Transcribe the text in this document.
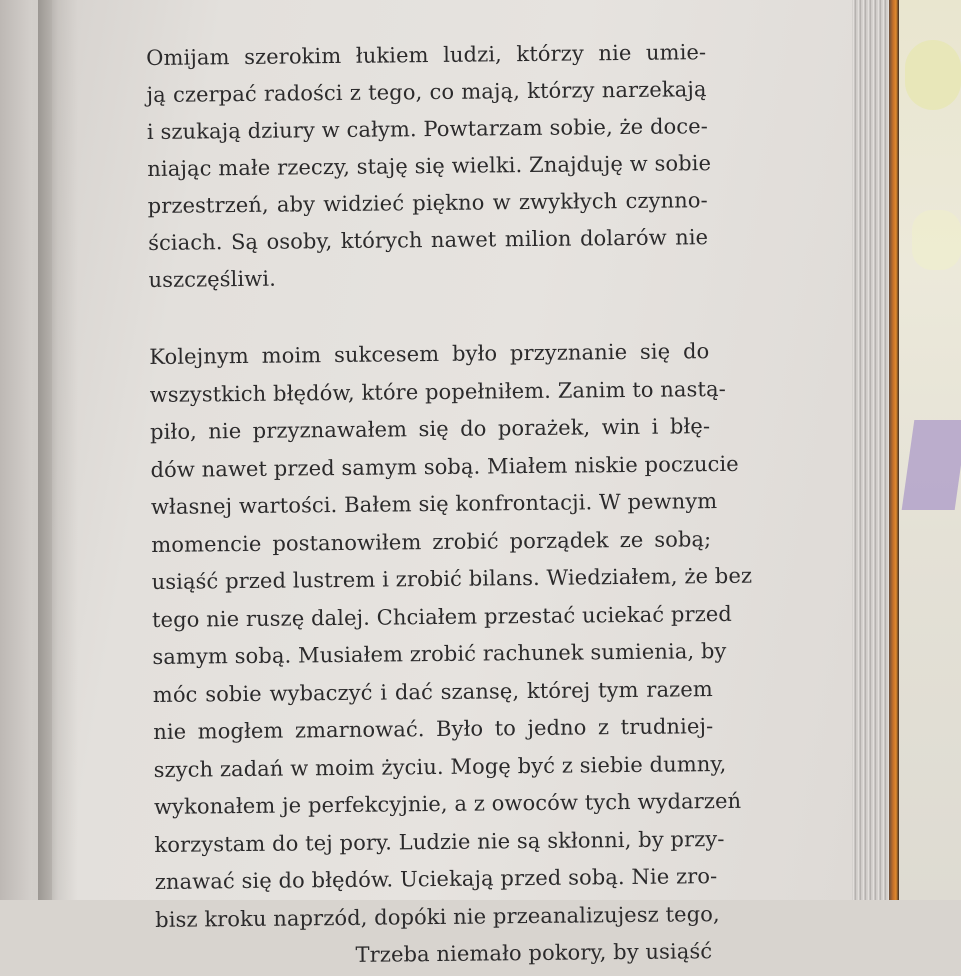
Omijam szerokim łukiem ludzi, którzy nie umie-
ją czerpać radości z tego, co mają, którzy narzekają
i szukają dziury w całym. Powtarzam sobie, że doce-
niając małe rzeczy, staję się wielki. Znajduję w sobie
przestrzeń, aby widzieć piękno w zwykłych czynno-
ściach. Są osoby, których nawet milion dolarów nie
uszczęśliwi.
Kolejnym moim sukcesem było przyznanie się do
wszystkich błędów, które popełniłem. Zanim to nastą-
piło, nie przyznawałem się do porażek, win i błę-
dów nawet przed samym sobą. Miałem niskie poczucie
własnej wartości. Bałem się konfrontacji. W pewnym
momencie postanowiłem zrobić porządek ze sobą;
usiąść przed lustrem i zrobić bilans. Wiedziałem, że bez
tego nie ruszę dalej. Chciałem przestać uciekać przed
samym sobą. Musiałem zrobić rachunek sumienia, by
móc sobie wybaczyć i dać szansę, której tym razem
nie mogłem zmarnować. Było to jedno z trudniej-
szych zadań w moim życiu. Mogę być z siebie dumny,
wykonałem je perfekcyjnie, a z owoców tych wydarzeń
korzystam do tej pory. Ludzie nie są skłonni, by przy-
znawać się do błędów. Uciekają przed sobą. Nie zro-
bisz kroku naprzód, dopóki nie przeanalizujesz tego,
Trzeba niemało pokory, by usiąść
